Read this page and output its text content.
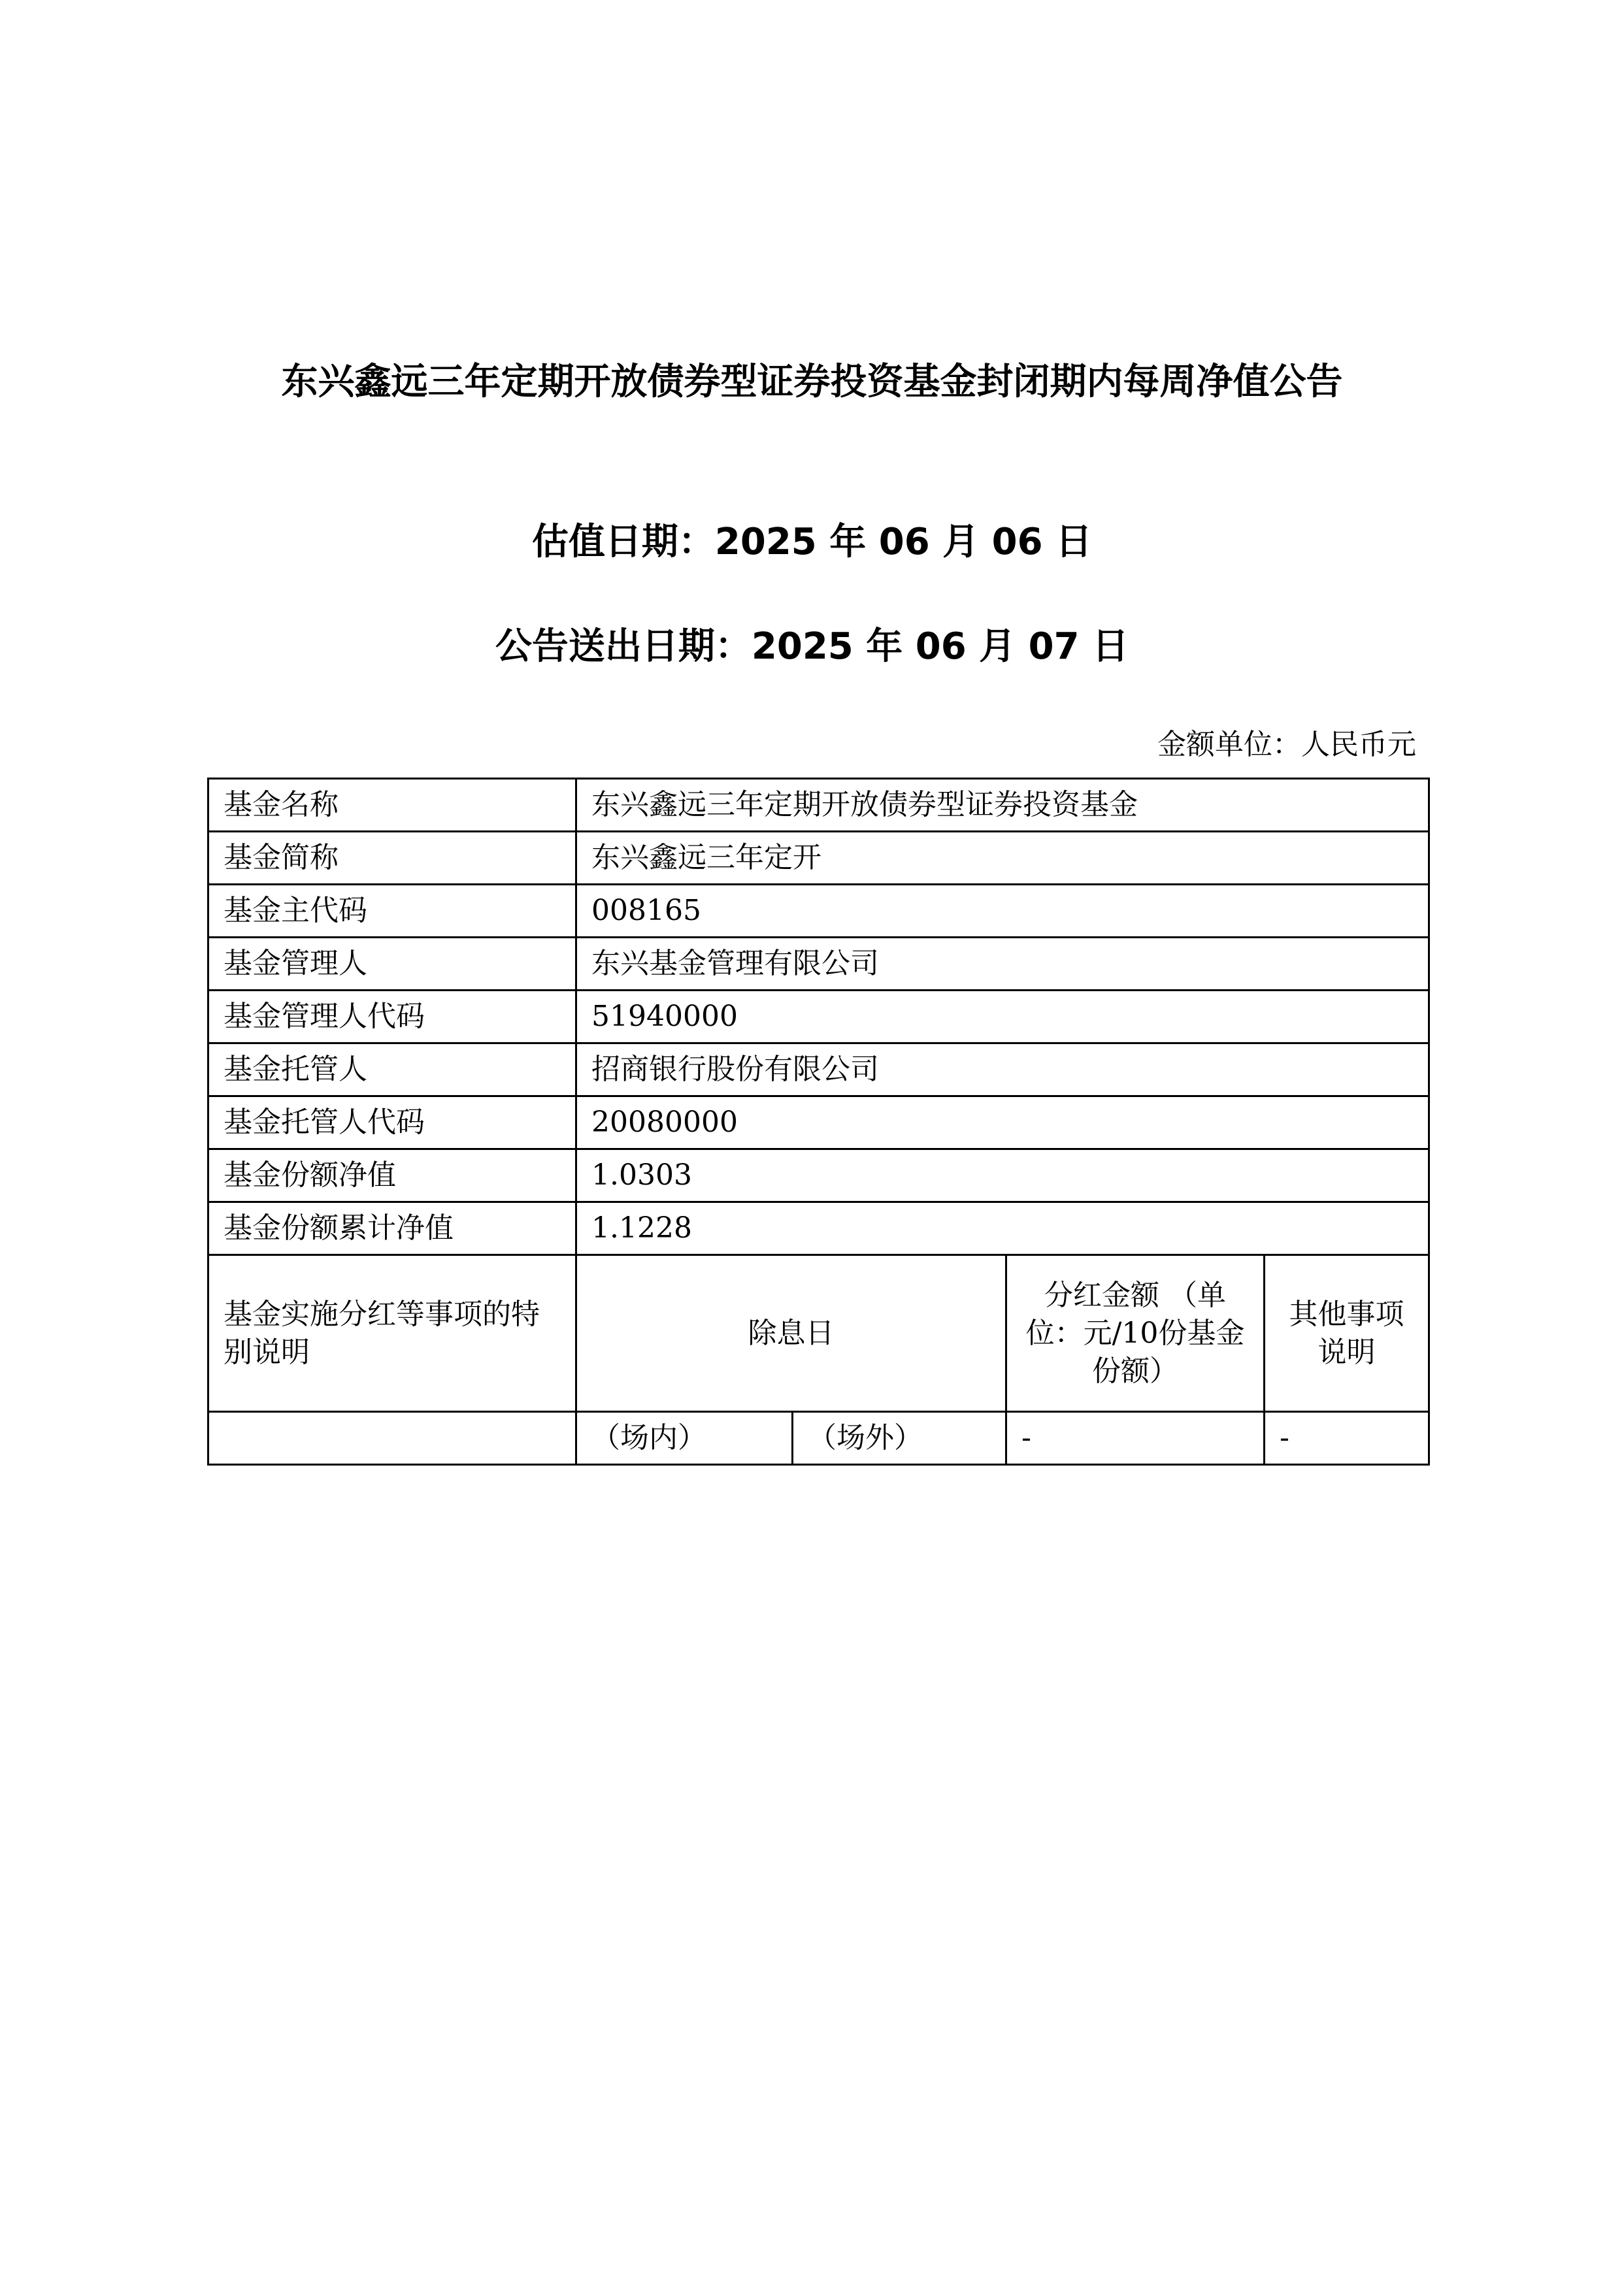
东兴鑫远三年定期开放债券型证券投资基金封闭期内每周净值公告
估值日期：2025 年 06 月 06 日
公告送出日期：2025 年 06 月 07 日
金额单位：人民币元
基金名称	东兴鑫远三年定期开放债券型证券投资基金			
基金简称	东兴鑫远三年定开			
基金主代码	008165			
基金管理人	东兴基金管理有限公司			
基金管理人代码	51940000			
基金托管人	招商银行股份有限公司			
基金托管人代码	20080000			
基金份额净值	1.0303			
基金份额累计净值	1.1228			
基金实施分红等事项的特别说明	除息日		分红金额 （单位：元/10份基金份额）	其他事项说明
	（场内）	（场外）	-	-
